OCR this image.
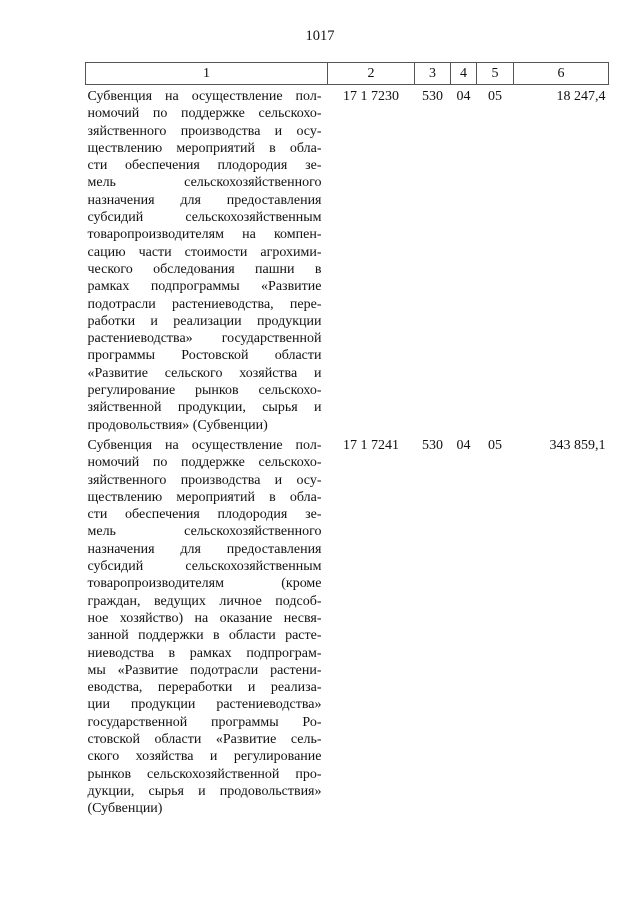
1017
1	2	3	4	5	6

Субвенция на осуществление пол-
номочий по поддержке сельскохо-
зяйственного производства и осу-
ществлению мероприятий в обла-
сти обеспечения плодородия зе-
мель сельскохозяйственного
назначения для предоставления
субсидий сельскохозяйственным
товаропроизводителям на компен-
сацию части стоимости агрохими-
ческого обследования пашни в
рамках подпрограммы «Развитие
подотрасли растениеводства, пере-
работки и реализации продукции
растениеводства» государственной
программы Ростовской области
«Развитие сельского хозяйства и
регулирование рынков сельскохо-
зяйственной продукции, сырья и
продовольствия» (Субвенции)
	17 1 7230	530	04	05	18 247,4

Субвенция на осуществление пол-
номочий по поддержке сельскохо-
зяйственного производства и осу-
ществлению мероприятий в обла-
сти обеспечения плодородия зе-
мель сельскохозяйственного
назначения для предоставления
субсидий сельскохозяйственным
товаропроизводителям (кроме
граждан, ведущих личное подсоб-
ное хозяйство) на оказание несвя-
занной поддержки в области расте-
ниеводства в рамках подпрограм-
мы «Развитие подотрасли растени-
еводства, переработки и реализа-
ции продукции растениеводства»
государственной программы Ро-
стовской области «Развитие сель-
ского хозяйства и регулирование
рынков сельскохозяйственной про-
дукции, сырья и продовольствия»
(Субвенции)
	17 1 7241	530	04	05	343 859,1
